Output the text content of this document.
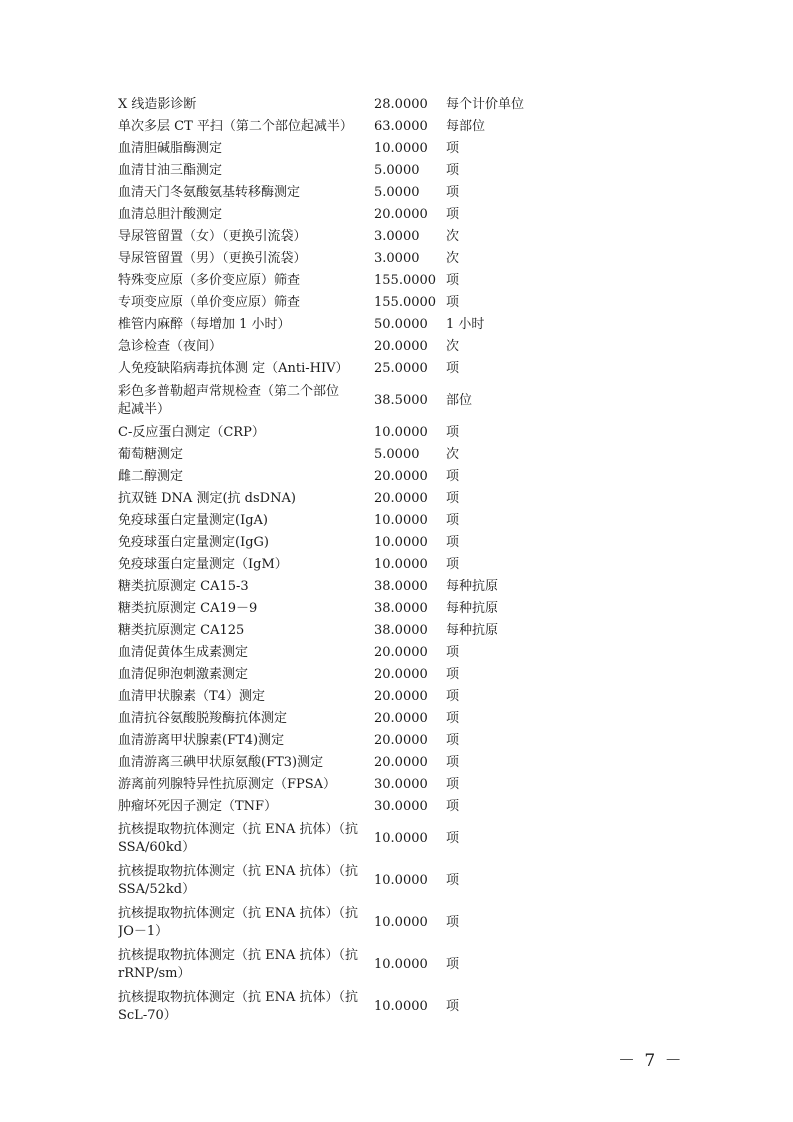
X 线造影诊断	28.0000	每个计价单位
单次多层 CT 平扫（第二个部位起减半）	63.0000	每部位
血清胆碱脂酶测定	10.0000	项
血清甘油三酯测定	5.0000	项
血清天门冬氨酸氨基转移酶测定	5.0000	项
血清总胆汁酸测定	20.0000	项
导尿管留置（女）（更换引流袋）	3.0000	次
导尿管留置（男）（更换引流袋）	3.0000	次
特殊变应原（多价变应原）筛查	155.0000	项
专项变应原（单价变应原）筛查	155.0000	项
椎管内麻醉（每增加 1 小时）	50.0000	1 小时
急诊检查（夜间）	20.0000	次
人免疫缺陷病毒抗体测 定（Anti-HIV）	25.0000	项
彩色多普勒超声常规检查（第二个部位
起减半）	38.5000	部位
C-反应蛋白测定（CRP）	10.0000	项
葡萄糖测定	5.0000	次
雌二醇测定	20.0000	项
抗双链 DNA 测定(抗 dsDNA)	20.0000	项
免疫球蛋白定量测定(IgA)	10.0000	项
免疫球蛋白定量测定(IgG)	10.0000	项
免疫球蛋白定量测定（IgM）	10.0000	项
糖类抗原测定 CA15-3	38.0000	每种抗原
糖类抗原测定 CA19－9	38.0000	每种抗原
糖类抗原测定 CA125	38.0000	每种抗原
血清促黄体生成素测定	20.0000	项
血清促卵泡刺激素测定	20.0000	项
血清甲状腺素（T4）测定	20.0000	项
血清抗谷氨酸脱羧酶抗体测定	20.0000	项
血清游离甲状腺素(FT4)测定	20.0000	项
血清游离三碘甲状原氨酸(FT3)测定	20.0000	项
游离前列腺特异性抗原测定（FPSA）	30.0000	项
肿瘤坏死因子测定（TNF）	30.0000	项
抗核提取物抗体测定（抗 ENA 抗体）（抗
SSA/60kd）	10.0000	项
抗核提取物抗体测定（抗 ENA 抗体）（抗
SSA/52kd）	10.0000	项
抗核提取物抗体测定（抗 ENA 抗体）（抗
JO－1）	10.0000	项
抗核提取物抗体测定（抗 ENA 抗体）（抗
rRNP/sm）	10.0000	项
抗核提取物抗体测定（抗 ENA 抗体）（抗
ScL-70）	10.0000	项
－ 7 －
